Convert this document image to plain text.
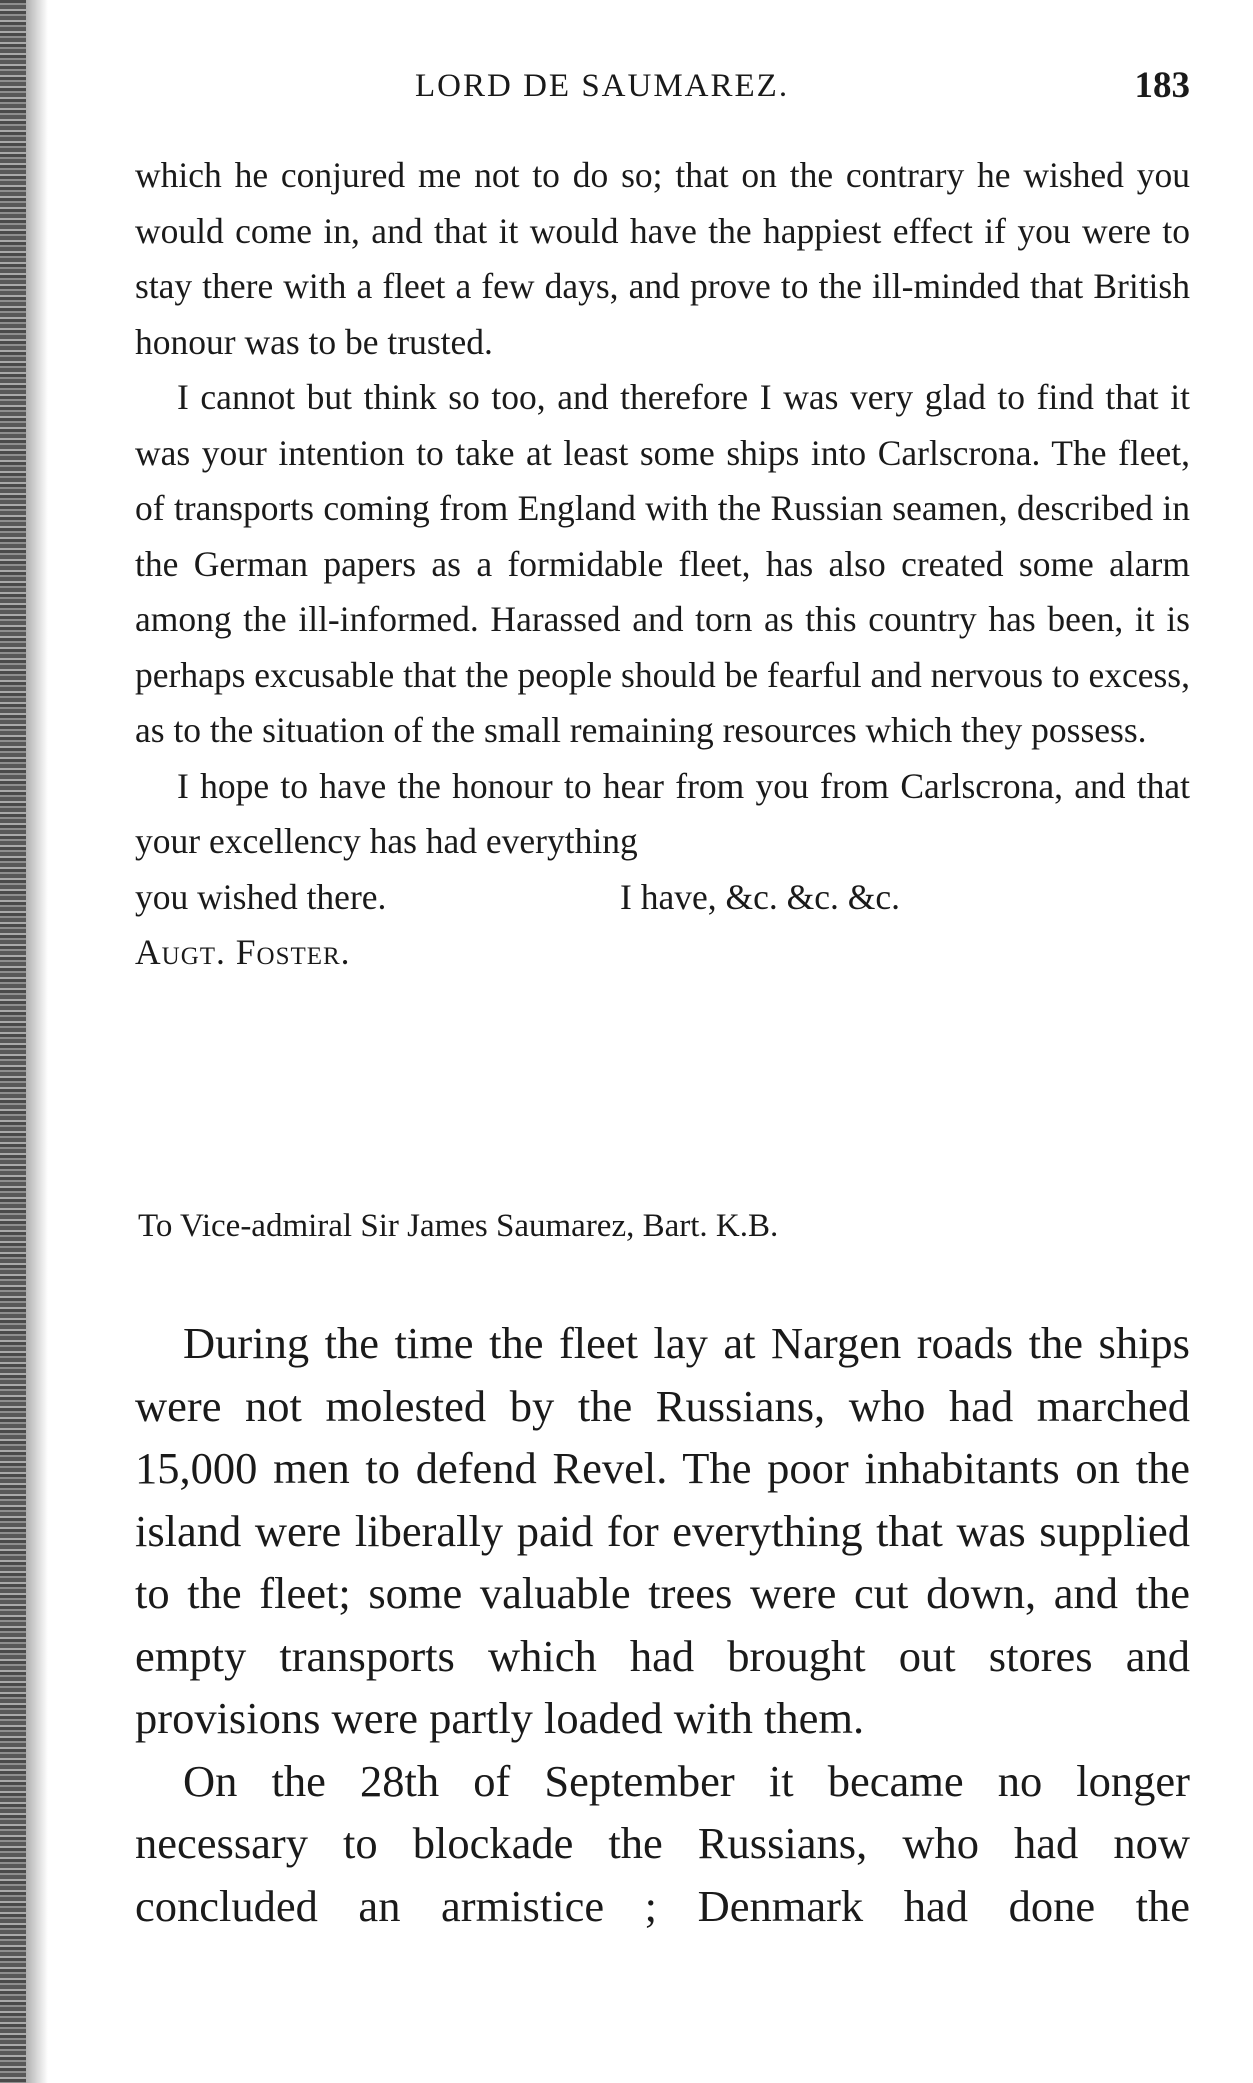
LORD DE SAUMAREZ.	183

which he conjured me not to do so; that on the contrary he wished you would come in, and that it would have the happiest effect if you were to stay there with a fleet a few days, and prove to the ill-minded that British honour was to be trusted.

I cannot but think so too, and therefore I was very glad to find that it was your intention to take at least some ships into Carlscrona. The fleet, of transports coming from England with the Russian seamen, described in the German papers as a formidable fleet, has also created some alarm among the ill-informed. Harassed and torn as this country has been, it is perhaps excusable that the people should be fearful and nervous to excess, as to the situation of the small remaining resources which they possess.

I hope to have the honour to hear from you from Carlscrona, and that your excellency has had everything

you wished there.	I have, &c. &c. &c.

Augt. Foster.

To Vice-admiral Sir James Saumarez, Bart. K.B.

During the time the fleet lay at Nargen roads the ships were not molested by the Russians, who had marched 15,000 men to defend Revel. The poor inhabitants on the island were liberally paid for everything that was supplied to the fleet; some valuable trees were cut down, and the empty transports which had brought out stores and provisions were partly loaded with them.

On the 28th of September it became no longer necessary to blockade the Russians, who had now concluded an armistice ; Denmark had done the
